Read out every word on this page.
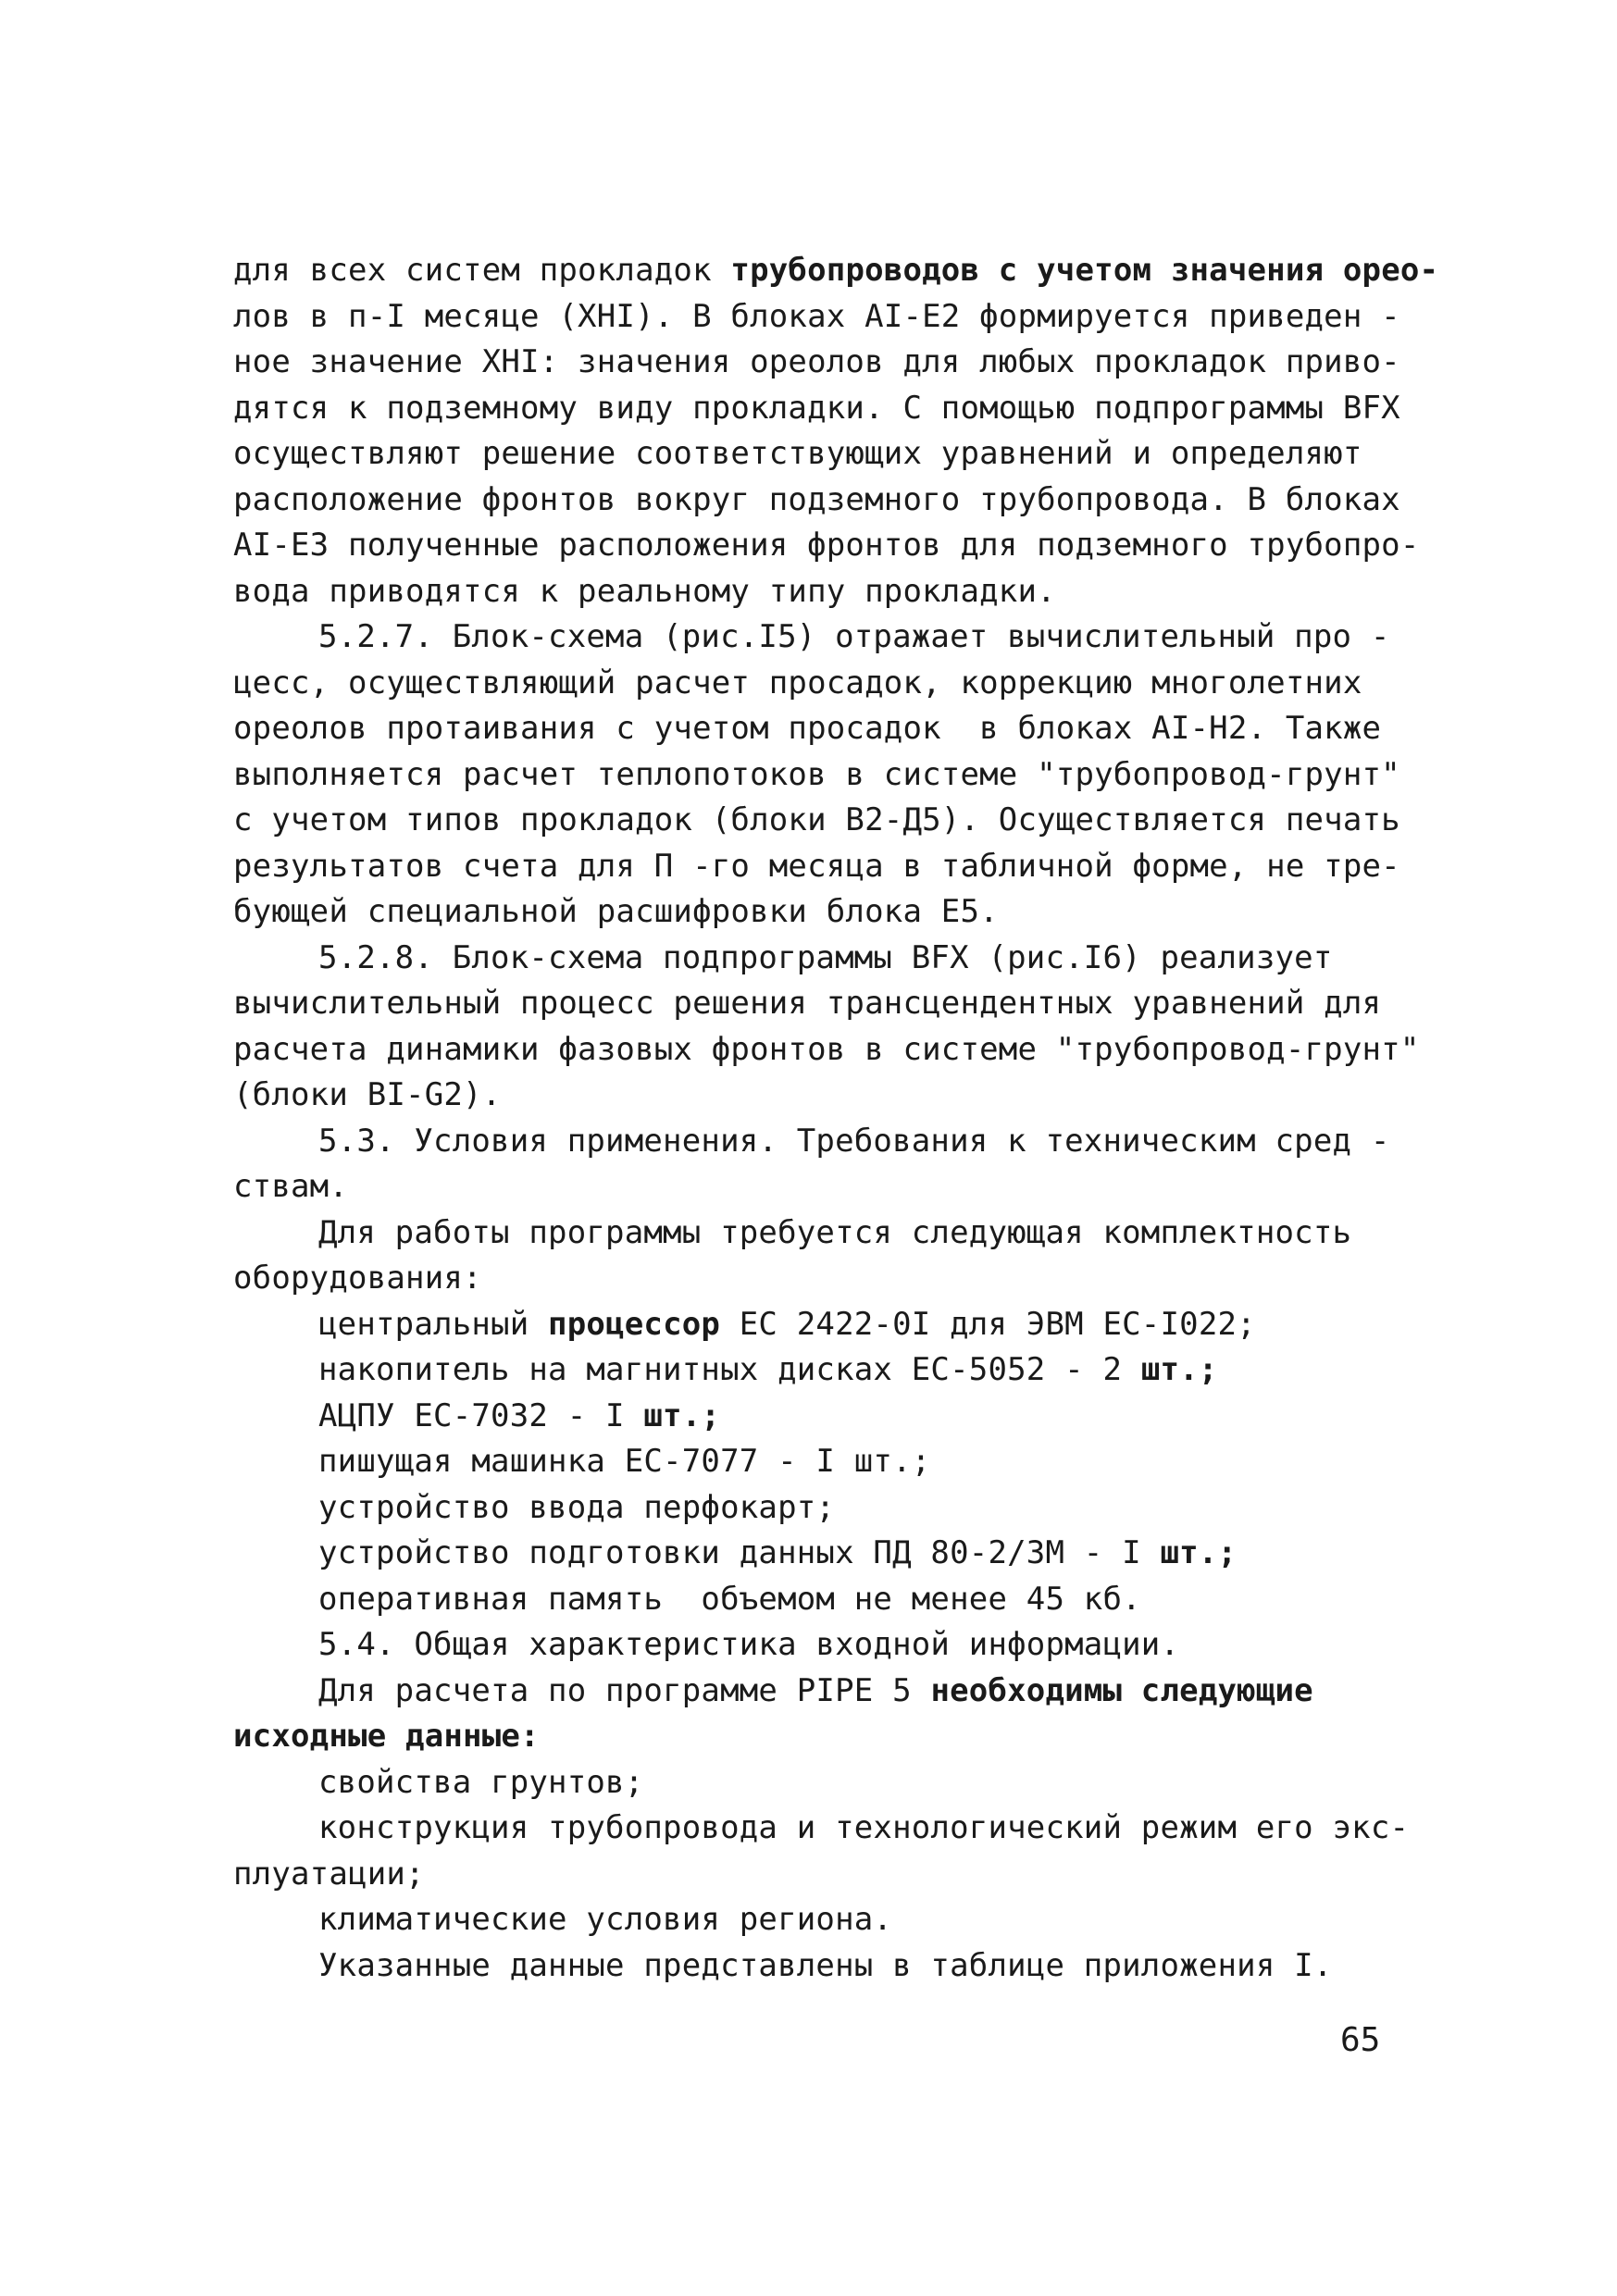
для всех систем прокладок трубопроводов с учетом значения орео-
лов в п-I месяце (ХНI). В блоках АI-Е2 формируется приведен -
ное значение ХНI: значения ореолов для любых прокладок приво-
дятся к подземному виду прокладки. С помощью подпрограммы BFX
осуществляют решение соответствующих уравнений и определяют
расположение фронтов вокруг подземного трубопровода. В блоках
АI-Е3 полученные расположения фронтов для подземного трубопро-
вода приводятся к реальному типу прокладки.
5.2.7. Блок-схема (рис.I5) отражает вычислительный про -
цесс, осуществляющий расчет просадок, коррекцию многолетних
ореолов протаивания с учетом просадок  в блоках АI-Н2. Также
выполняется расчет теплопотоков в системе "трубопровод-грунт"
с учетом типов прокладок (блоки В2-Д5). Осуществляется печать
результатов счета для П -го месяца в табличной форме, не тре-
бующей специальной расшифровки блока Е5.
5.2.8. Блок-схема подпрограммы BFX (рис.I6) реализует
вычислительный процесс решения трансцендентных уравнений для
расчета динамики фазовых фронтов в системе "трубопровод-грунт"
(блоки ВI-G2).
5.3. Условия применения. Требования к техническим сред -
ствам.
Для работы программы требуется следующая комплектность
оборудования:
центральный процессор ЕС 2422-0I для ЭВМ ЕС-I022;
накопитель на магнитных дисках ЕС-5052 - 2 шт.;
АЦПУ ЕС-7032 - I шт.;
пишущая машинка ЕС-7077 - I шт.;
устройство ввода перфокарт;
устройство подготовки данных ПД 80-2/3М - I шт.;
оперативная память  объемом не менее 45 кб.
5.4. Общая характеристика входной информации.
Для расчета по программе PIPE 5 необходимы следующие
исходные данные:
свойства грунтов;
конструкция трубопровода и технологический режим его экс-
плуатации;
климатические условия региона.
Указанные данные представлены в таблице приложения I.
65
